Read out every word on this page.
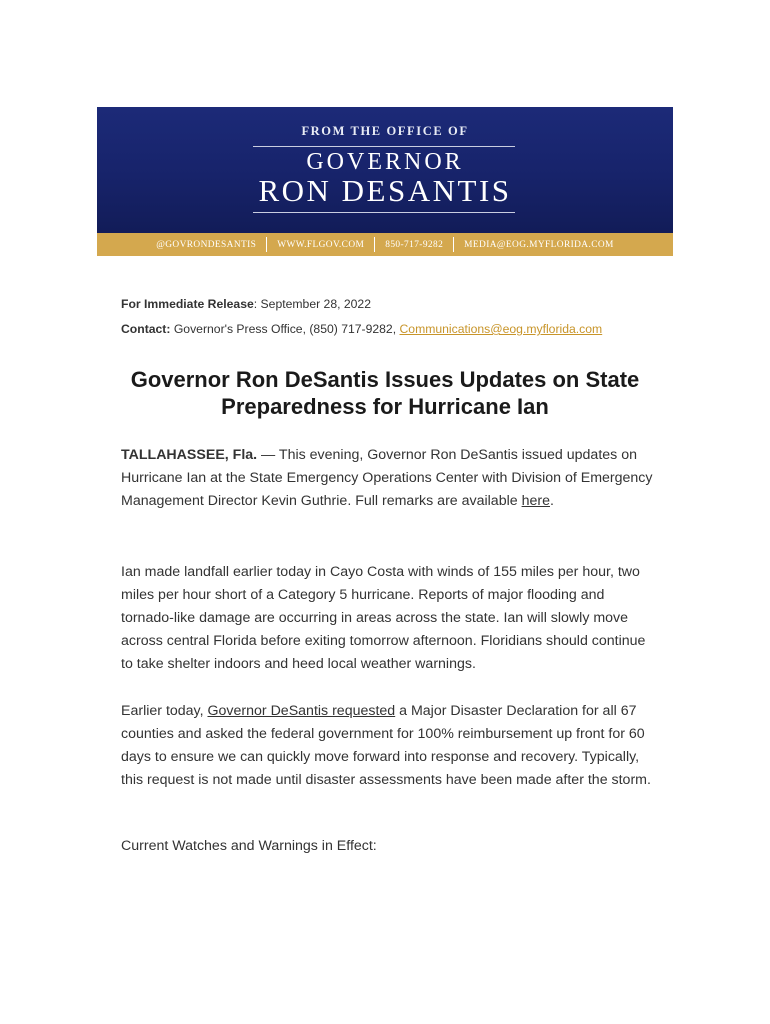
FROM THE OFFICE OF
GOVERNOR
RON DESANTIS
@GOVRONDESANTIS WWW.FLGOV.COM 850-717-9282 MEDIA@EOG.MYFLORIDA.COM
For Immediate Release: September 28, 2022
Contact: Governor's Press Office, (850) 717-9282, Communications@eog.myflorida.com
Governor Ron DeSantis Issues Updates on State Preparedness for Hurricane Ian

TALLAHASSEE, Fla. — This evening, Governor Ron DeSantis issued updates on Hurricane Ian at the State Emergency Operations Center with Division of Emergency Management Director Kevin Guthrie. Full remarks are available here.

Ian made landfall earlier today in Cayo Costa with winds of 155 miles per hour, two miles per hour short of a Category 5 hurricane. Reports of major flooding and tornado-like damage are occurring in areas across the state. Ian will slowly move across central Florida before exiting tomorrow afternoon. Floridians should continue to take shelter indoors and heed local weather warnings.

Earlier today, Governor DeSantis requested a Major Disaster Declaration for all 67 counties and asked the federal government for 100% reimbursement up front for 60 days to ensure we can quickly move forward into response and recovery. Typically, this request is not made until disaster assessments have been made after the storm.

Current Watches and Warnings in Effect:
